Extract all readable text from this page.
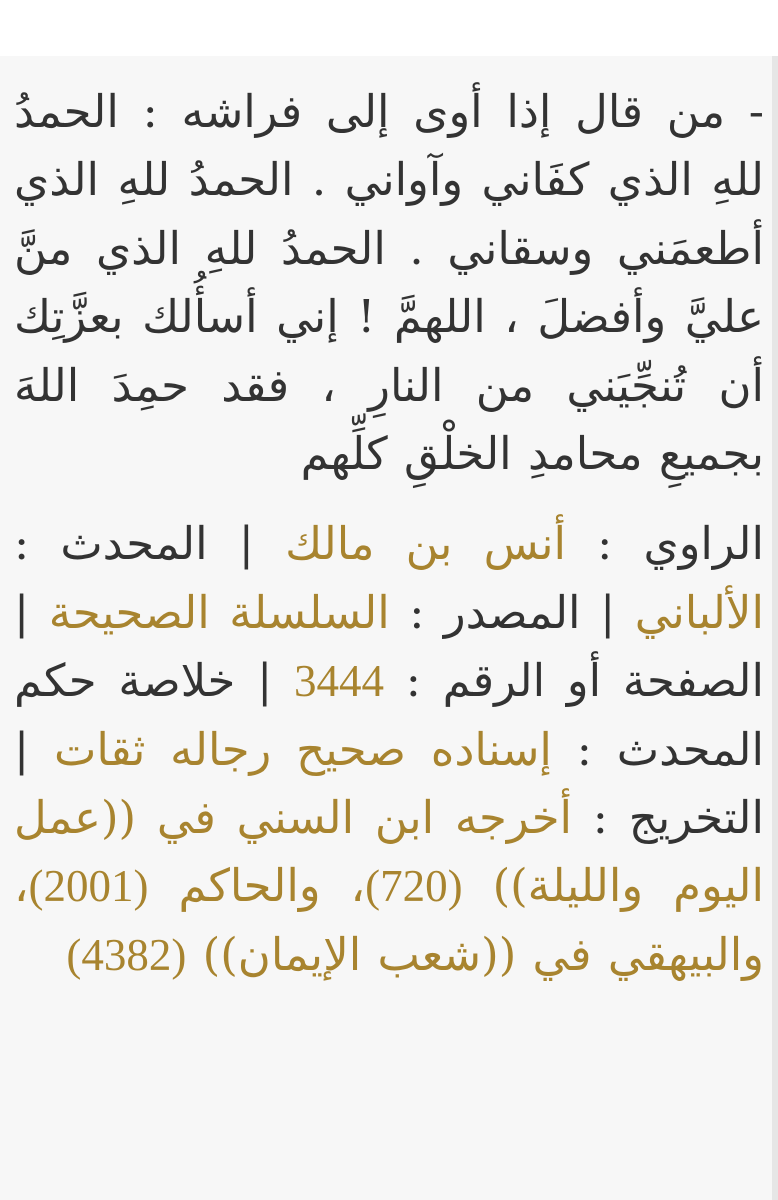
- من قال إذا أوى إلى فراشه : الحمدُ للهِ الذي كفَاني وآواني . الحمدُ للهِ الذي أطعمَني وسقاني . الحمدُ للهِ الذي منَّ عليَّ وأفضلَ ، اللهمَّ ! إني أسأُلك بعزَّتِك أن تُنجِّيَني من النارِ ، فقد حمِدَ اللهَ بجميعِ محامدِ الخلْقِ كلِّهم

الراوي : أنس بن مالك | المحدث : الألباني | المصدر : السلسلة الصحيحة | الصفحة أو الرقم : 3444 | خلاصة حكم المحدث : إسناده صحيح رجاله ثقات | التخريج : أخرجه ابن السني في ((عمل اليوم والليلة)) (720)، والحاكم (2001)، والبيهقي في ((شعب الإيمان)) (4382)
